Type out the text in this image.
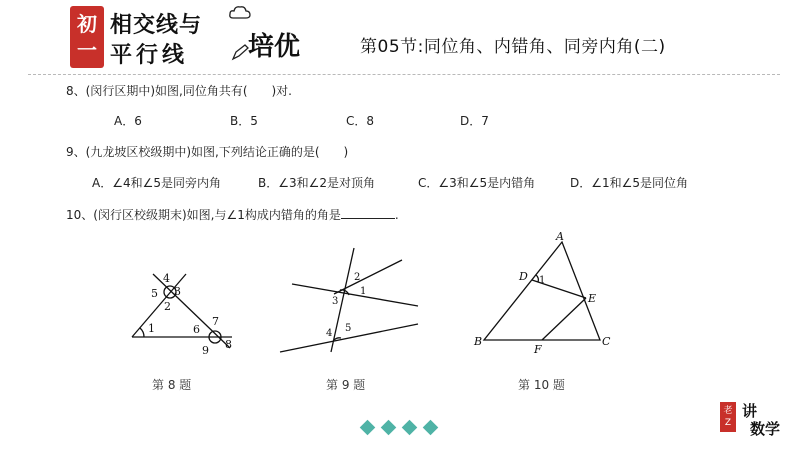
初
一
相交线与
平行线 培优	第05节:同位角、内错角、同旁内角(二)
8、(闵行区期中)如图,同位角共有(　　)对.
A．6	B．5	C．8	D．7
9、(九龙坡区校级期中)如图,下列结论正确的是(　　)
A．∠4和∠5是同旁内角	B．∠3和∠2是对顶角	C．∠3和∠5是内错角	D．∠1和∠5是同位角
10、(闵行区校级期末)如图,与∠1构成内错角的角是	.
4
3
5
2
1	6
7
9 8
第 8 题
2
1
3
4 5
第 9 题
A
D 1
E
B
F
C
第 10 题
老
Z
讲
数学
